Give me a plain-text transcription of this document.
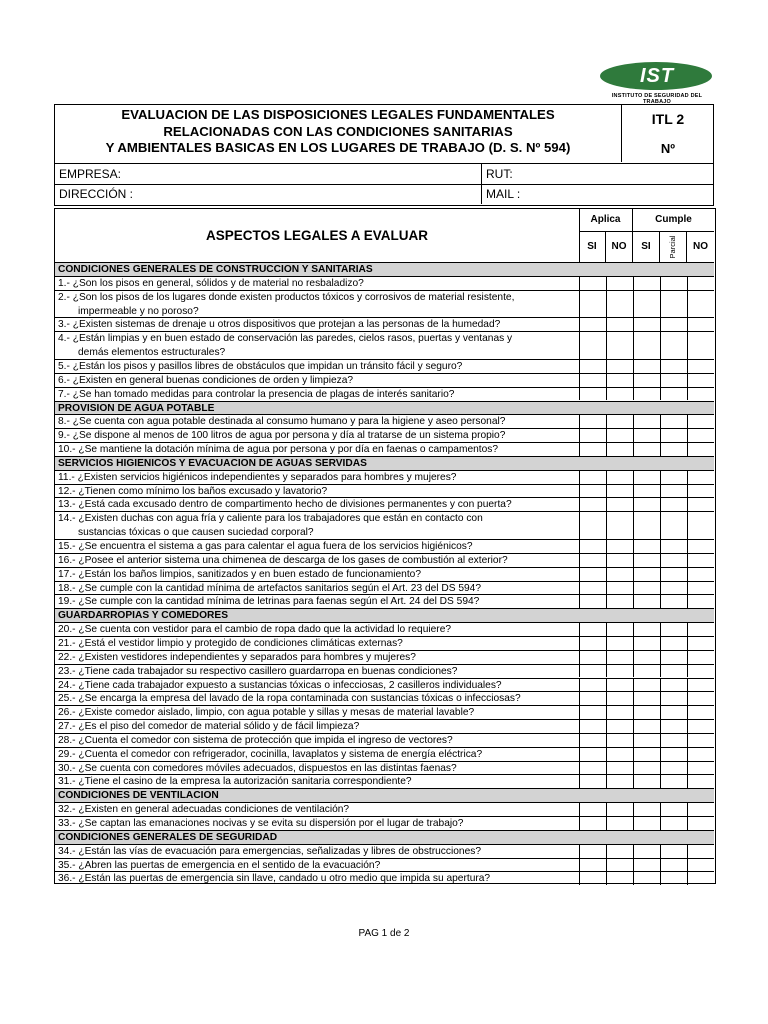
IST
INSTITUTO DE SEGURIDAD DEL TRABAJO
EVALUACION DE LAS DISPOSICIONES LEGALES FUNDAMENTALES
RELACIONADAS CON LAS CONDICIONES SANITARIAS
Y AMBIENTALES BASICAS EN LOS LUGARES DE TRABAJO (D. S. Nº 594)
ITL 2
Nº
EMPRESA:	RUT:
DIRECCIÓN :	MAIL :
ASPECTOS LEGALES A EVALUAR
Aplica	Cumple
SI	NO	SI	Parcial	NO
CONDICIONES GENERALES DE CONSTRUCCION Y SANITARIAS
1.- ¿Son los pisos en general, sólidos y de material no resbaladizo?
2.- ¿Son los pisos de los lugares donde existen productos tóxicos y corrosivos de material resistente,
impermeable y no poroso?
3.- ¿Existen sistemas de drenaje u otros dispositivos que protejan a las personas de la humedad?
4.- ¿Están limpias y en buen estado de conservación las paredes, cielos rasos, puertas y ventanas y
demás elementos estructurales?
5.- ¿Están los pisos y pasillos libres de obstáculos que impidan un tránsito fácil y seguro?
6.- ¿Existen en general buenas condiciones de orden y limpieza?
7.- ¿Se han tomado medidas para controlar la presencia de plagas de interés sanitario?
PROVISION DE AGUA POTABLE
8.- ¿Se cuenta con agua potable destinada al consumo humano y para la higiene y aseo personal?
9.- ¿Se dispone al menos de 100 litros de agua por persona y día al tratarse de un sistema propio?
10.- ¿Se mantiene la dotación mínima de agua por persona y por día en faenas o campamentos?
SERVICIOS HIGIENICOS Y EVACUACION DE AGUAS SERVIDAS
11.- ¿Existen servicios higiénicos independientes y separados para hombres y mujeres?
12.- ¿Tienen como mínimo los baños excusado y lavatorio?
13.- ¿Está cada excusado dentro de compartimento hecho de divisiones permanentes y con puerta?
14.- ¿Existen duchas con agua fría y caliente para los trabajadores que están en contacto con
sustancias tóxicas o que causen suciedad corporal?
15.- ¿Se encuentra el sistema a gas para calentar el agua fuera de los servicios higiénicos?
16.- ¿Posee el anterior sistema una chimenea de descarga de los gases de combustión al exterior?
17.- ¿Están los baños limpios, sanitizados y en buen estado de funcionamiento?
18.- ¿Se cumple con la cantidad mínima de artefactos sanitarios según el Art. 23 del DS 594?
19.- ¿Se cumple con la cantidad mínima de letrinas para faenas según el Art. 24 del DS 594?
GUARDARROPIAS Y COMEDORES
20.- ¿Se cuenta con vestidor para el cambio de ropa dado que la actividad lo requiere?
21.- ¿Está el vestidor limpio y protegido de condiciones climáticas externas?
22.- ¿Existen vestidores independientes y separados para hombres y mujeres?
23.- ¿Tiene cada trabajador su respectivo casillero guardarropa en buenas condiciones?
24.- ¿Tiene cada trabajador expuesto a sustancias tóxicas o infecciosas, 2 casilleros individuales?
25.- ¿Se encarga la empresa del lavado de la ropa contaminada con sustancias tóxicas o infecciosas?
26.- ¿Existe comedor aislado, limpio, con agua potable y sillas y mesas de material lavable?
27.- ¿Es el piso del comedor de material sólido y de fácil limpieza?
28.- ¿Cuenta el comedor con sistema de protección que impida el ingreso de vectores?
29.- ¿Cuenta el comedor con refrigerador, cocinilla, lavaplatos y sistema de energía eléctrica?
30.- ¿Se cuenta con comedores móviles adecuados, dispuestos en las distintas faenas?
31.- ¿Tiene el casino de la empresa la autorización sanitaria correspondiente?
CONDICIONES DE VENTILACION
32.- ¿Existen en general adecuadas condiciones de ventilación?
33.- ¿Se captan las emanaciones nocivas y se evita su dispersión por el lugar de trabajo?
CONDICIONES GENERALES DE SEGURIDAD
34.- ¿Están las vías de evacuación para emergencias, señalizadas y libres de obstrucciones?
35.- ¿Abren las puertas de emergencia en el sentido de la evacuación?
36.- ¿Están las puertas de emergencia sin llave, candado u otro medio que impida su apertura?
PAG 1 de 2
